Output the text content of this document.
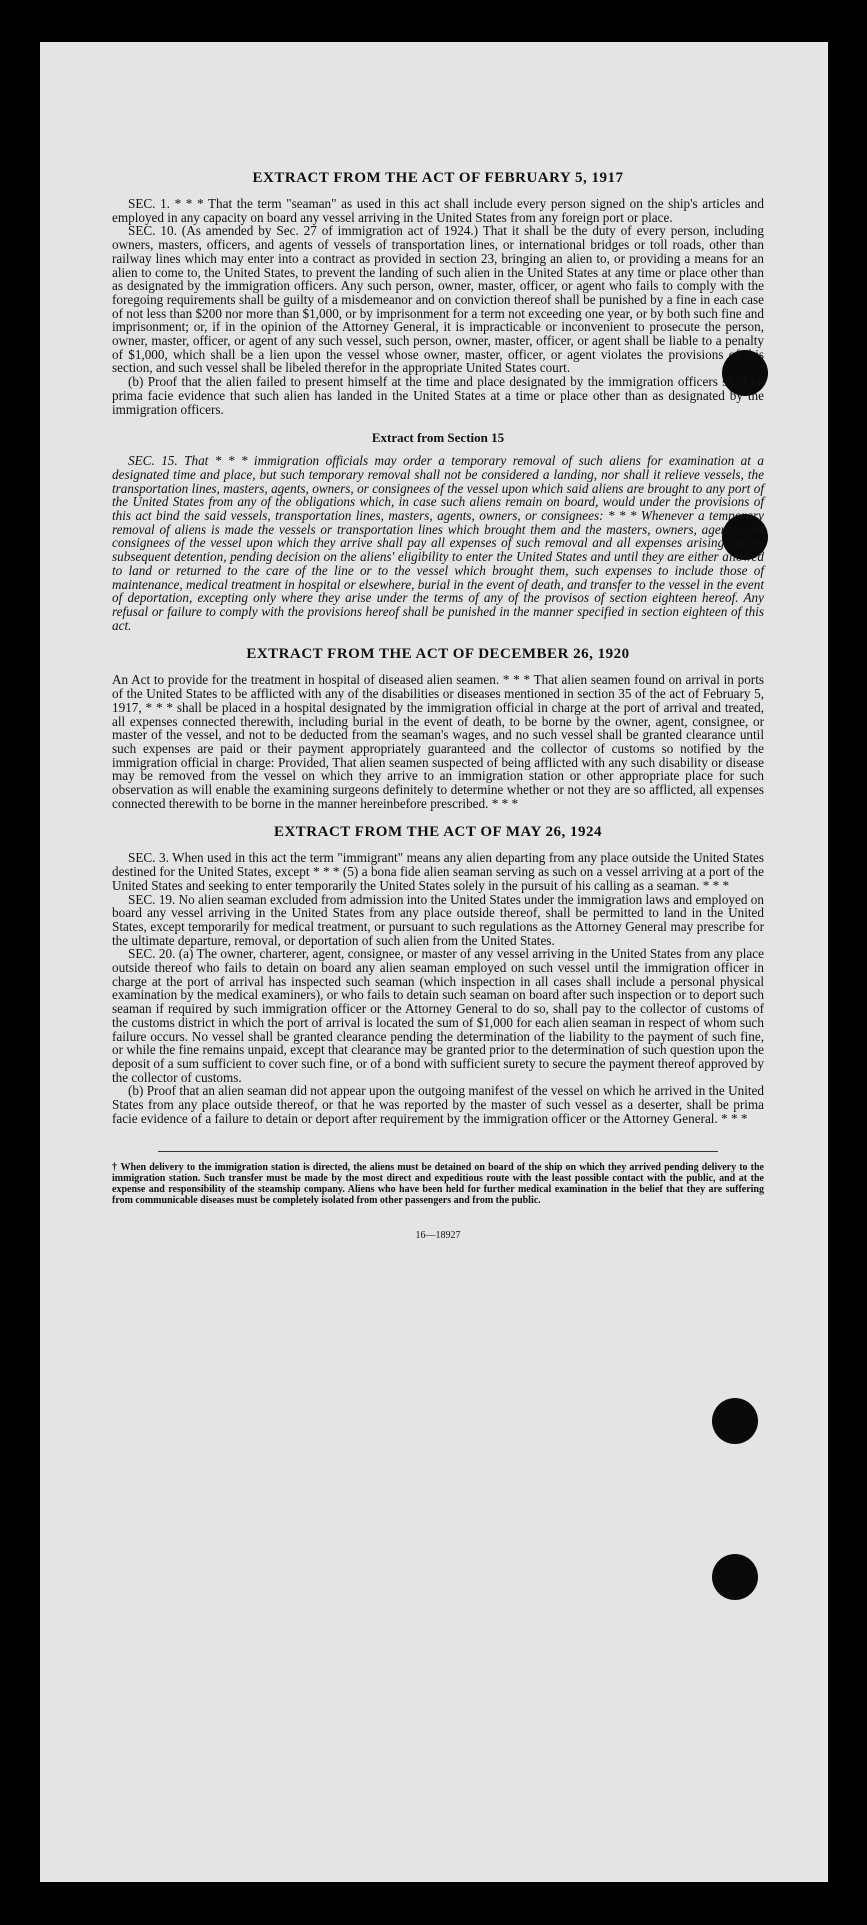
EXTRACT FROM THE ACT OF FEBRUARY 5, 1917

SEC. 1. * * * That the term "seaman" as used in this act shall include every person signed on the ship's articles and employed in any capacity on board any vessel arriving in the United States from any foreign port or place.

SEC. 10. (As amended by Sec. 27 of immigration act of 1924.) That it shall be the duty of every person, including owners, masters, officers, and agents of vessels of transportation lines, or international bridges or toll roads, other than railway lines which may enter into a contract as provided in section 23, bringing an alien to, or providing a means for an alien to come to, the United States, to prevent the landing of such alien in the United States at any time or place other than as designated by the immigration officers. Any such person, owner, master, officer, or agent who fails to comply with the foregoing requirements shall be guilty of a misdemeanor and on conviction thereof shall be punished by a fine in each case of not less than $200 nor more than $1,000, or by imprisonment for a term not exceeding one year, or by both such fine and imprisonment; or, if in the opinion of the Attorney General, it is impracticable or inconvenient to prosecute the person, owner, master, officer, or agent of any such vessel, such person, owner, master, officer, or agent shall be liable to a penalty of $1,000, which shall be a lien upon the vessel whose owner, master, officer, or agent violates the provisions of this section, and such vessel shall be libeled therefor in the appropriate United States court.

(b) Proof that the alien failed to present himself at the time and place designated by the immigration officers shall be prima facie evidence that such alien has landed in the United States at a time or place other than as designated by the immigration officers.

Extract from Section 15

SEC. 15. That * * * immigration officials may order a temporary removal of such aliens for examination at a designated time and place, but such temporary removal shall not be considered a landing, nor shall it relieve vessels, the transportation lines, masters, agents, owners, or consignees of the vessel upon which said aliens are brought to any port of the United States from any of the obligations which, in case such aliens remain on board, would under the provisions of this act bind the said vessels, transportation lines, masters, agents, owners, or consignees: * * * Whenever a temporary removal of aliens is made the vessels or transportation lines which brought them and the masters, owners, agents, and consignees of the vessel upon which they arrive shall pay all expenses of such removal and all expenses arising during subsequent detention, pending decision on the aliens' eligibility to enter the United States and until they are either allowed to land or returned to the care of the line or to the vessel which brought them, such expenses to include those of maintenance, medical treatment in hospital or elsewhere, burial in the event of death, and transfer to the vessel in the event of deportation, excepting only where they arise under the terms of any of the provisos of section eighteen hereof. Any refusal or failure to comply with the provisions hereof shall be punished in the manner specified in section eighteen of this act.

EXTRACT FROM THE ACT OF DECEMBER 26, 1920

An Act to provide for the treatment in hospital of diseased alien seamen. * * * That alien seamen found on arrival in ports of the United States to be afflicted with any of the disabilities or diseases mentioned in section 35 of the act of February 5, 1917, * * * shall be placed in a hospital designated by the immigration official in charge at the port of arrival and treated, all expenses connected therewith, including burial in the event of death, to be borne by the owner, agent, consignee, or master of the vessel, and not to be deducted from the seaman's wages, and no such vessel shall be granted clearance until such expenses are paid or their payment appropriately guaranteed and the collector of customs so notified by the immigration official in charge: Provided, That alien seamen suspected of being afflicted with any such disability or disease may be removed from the vessel on which they arrive to an immigration station or other appropriate place for such observation as will enable the examining surgeons definitely to determine whether or not they are so afflicted, all expenses connected therewith to be borne in the manner hereinbefore prescribed. * * *

EXTRACT FROM THE ACT OF MAY 26, 1924

SEC. 3. When used in this act the term "immigrant" means any alien departing from any place outside the United States destined for the United States, except * * * (5) a bona fide alien seaman serving as such on a vessel arriving at a port of the United States and seeking to enter temporarily the United States solely in the pursuit of his calling as a seaman. * * *

SEC. 19. No alien seaman excluded from admission into the United States under the immigration laws and employed on board any vessel arriving in the United States from any place outside thereof, shall be permitted to land in the United States, except temporarily for medical treatment, or pursuant to such regulations as the Attorney General may prescribe for the ultimate departure, removal, or deportation of such alien from the United States.

SEC. 20. (a) The owner, charterer, agent, consignee, or master of any vessel arriving in the United States from any place outside thereof who fails to detain on board any alien seaman employed on such vessel until the immigration officer in charge at the port of arrival has inspected such seaman (which inspection in all cases shall include a personal physical examination by the medical examiners), or who fails to detain such seaman on board after such inspection or to deport such seaman if required by such immigration officer or the Attorney General to do so, shall pay to the collector of customs of the customs district in which the port of arrival is located the sum of $1,000 for each alien seaman in respect of whom such failure occurs. No vessel shall be granted clearance pending the determination of the liability to the payment of such fine, or while the fine remains unpaid, except that clearance may be granted prior to the determination of such question upon the deposit of a sum sufficient to cover such fine, or of a bond with sufficient surety to secure the payment thereof approved by the collector of customs.

(b) Proof that an alien seaman did not appear upon the outgoing manifest of the vessel on which he arrived in the United States from any place outside thereof, or that he was reported by the master of such vessel as a deserter, shall be prima facie evidence of a failure to detain or deport after requirement by the immigration officer or the Attorney General. * * *

† When delivery to the immigration station is directed, the aliens must be detained on board of the ship on which they arrived pending delivery to the immigration station. Such transfer must be made by the most direct and expeditious route with the least possible contact with the public, and at the expense and responsibility of the steamship company. Aliens who have been held for further medical examination in the belief that they are suffering from communicable diseases must be completely isolated from other passengers and from the public.

16—18927
